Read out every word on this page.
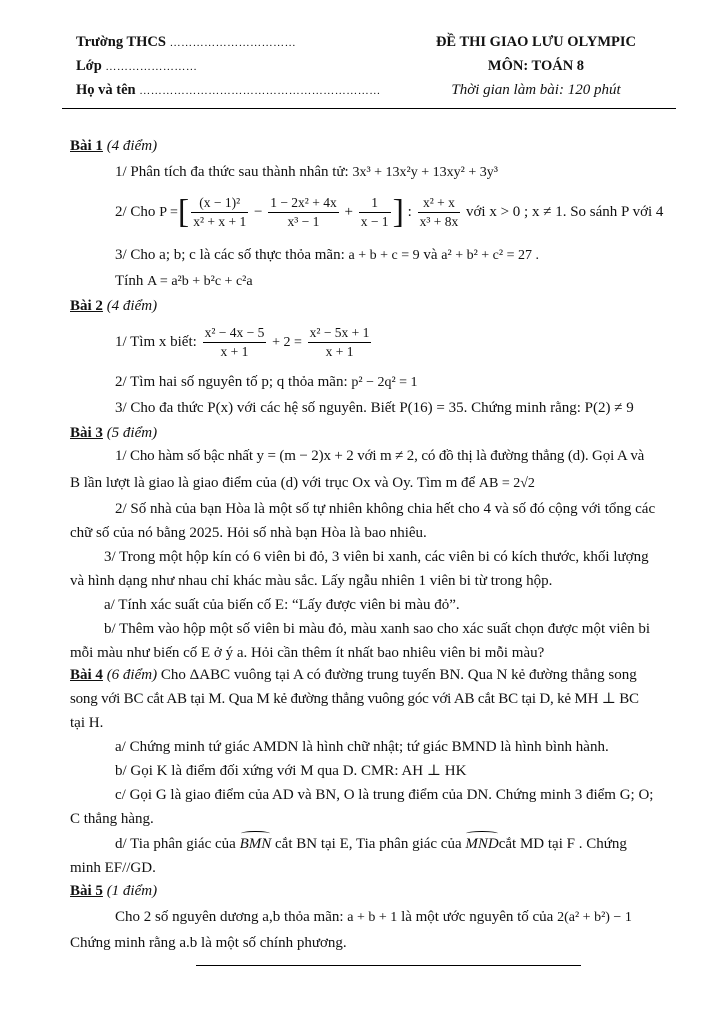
Trường THCS ……………………………
Lớp ……………………
Họ và tên ………………………………………………………
ĐỀ THI GIAO LƯU OLYMPIC
MÔN: TOÁN 8
Thời gian làm bài: 120 phút
Bài 1 (4 điểm)
1/ Phân tích đa thức sau thành nhân tử: 3x³ + 13x²y + 13xy² + 3y³
2/ Cho P =[ $\frac{\text{(x − 1)²}}{\text{x² + x + 1}} - \frac{\text{1 − 2x² + 4x}}{\text{x³ − 1}} + \frac{1}{x - 1}$ ] : $\frac{\text{x² + x}}{\text{x³ + 8x}}$ với x > 0 ; x ≠ 1. So sánh P với 4
3/ Cho a; b; c là các số thực thỏa mãn: a + b + c = 9 và a² + b² + c² = 27 .
Tính A = a²b + b²c + c²a
Bài 2 (4 điểm)
1/ Tìm x biết: $\frac{\text{x² − 4x − 5}}{x + 1} + 2 = \frac{\text{x² − 5x + 1}}{x + 1}$
2/ Tìm hai số nguyên tố p; q thỏa mãn: p² − 2q² = 1
3/ Cho đa thức P(x) với các hệ số nguyên. Biết P(16) = 35. Chứng minh rằng: P(2) ≠ 9
Bài 3 (5 điểm)
1/ Cho hàm số bậc nhất y = (m − 2)x + 2 với m ≠ 2, có đồ thị là đường thẳng (d). Gọi A và
B lần lượt là giao là giao điểm của (d) với trục Ox và Oy. Tìm m để AB = 2√2
2/ Số nhà của bạn Hòa là một số tự nhiên không chia hết cho 4 và số đó cộng với tổng các
chữ số của nó bằng 2025. Hỏi số nhà bạn Hòa là bao nhiêu.
3/ Trong một hộp kín có 6 viên bi đỏ, 3 viên bi xanh, các viên bi có kích thước, khối lượng
và hình dạng như nhau chỉ khác màu sắc. Lấy ngẫu nhiên 1 viên bi từ trong hộp.
a/ Tính xác suất của biến cố E: “Lấy được viên bi màu đỏ”.
b/ Thêm vào hộp một số viên bi màu đỏ, màu xanh sao cho xác suất chọn được một viên bi
mỗi màu như biến cố E ở ý a. Hỏi cần thêm ít nhất bao nhiêu viên bi mỗi màu?
Bài 4 (6 điểm) Cho ΔABC vuông tại A có đường trung tuyến BN. Qua N kẻ đường thẳng song
song với BC cắt AB tại M. Qua M kẻ đường thẳng vuông góc với AB cắt BC tại D, kẻ MH ⊥ BC
tại H.
a/ Chứng minh tứ giác AMDN là hình chữ nhật; tứ giác BMND là hình bình hành.
b/ Gọi K là điểm đối xứng với M qua D. CMR: AH ⊥ HK
c/ Gọi G là giao điểm của AD và BN, O là trung điểm của DN. Chứng minh 3 điểm G; O;
C thẳng hàng.
d/ Tia phân giác của BMN cắt BN tại E, Tia phân giác của MNDcắt MD tại F . Chứng
minh EF//GD.
Bài 5 (1 điểm)
Cho 2 số nguyên dương a,b thỏa mãn: a + b + 1 là một ước nguyên tố của 2(a² + b²) − 1
Chứng minh rằng a.b là một số chính phương.
